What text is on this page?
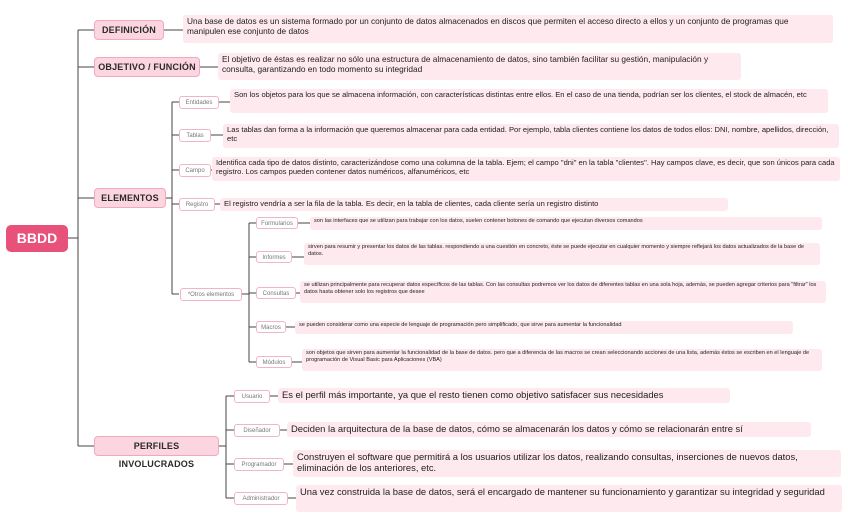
BBDD
DEFINICIÓN
Una base de datos es un sistema formado por un conjunto de datos almacenados en discos que permiten el acceso directo a ellos y un conjunto de programas que manipulen ese conjunto de datos
OBJETIVO / FUNCIÓN
El objetivo de éstas es realizar no sólo una estructura de almacenamiento de datos, sino también facilitar su gestión, manipulación y consulta, garantizando en todo momento su integridad
ELEMENTOS
Entidades
Son los objetos para los que se almacena información, con características distintas entre ellos. En el caso de una tienda, podrían ser los clientes, el stock de almacén, etc
Tablas
Las tablas dan forma a la información que queremos almacenar para cada entidad. Por ejemplo, tabla clientes contiene los datos de todos ellos: DNI, nombre, apellidos, dirección, etc
Campo
Identifica cada tipo de datos distinto, caracterizándose como una columna de la tabla. Ejem; el campo "dni" en la tabla "clientes". Hay campos clave, es decir, que son únicos para cada registro. Los campos pueden contener datos numéricos, alfanuméricos, etc
Registro	El registro vendría a ser la fila de la tabla. Es decir, en la tabla de clientes, cada cliente sería un registro distinto
*Otros elementos
Formularios	son las interfaces que se utilizan para trabajar con los datos, suelen contener botones de comando que ejecutan diversos comandos
Informes
sirven para resumir y presentar los datos de las tablas. respondiendo a una cuestión en concreto, éste se puede ejecutar en cualquier momento y siempre reflejará los datos actualizados de la base de datos.
Consultas
se utilizan principalmente para recuperar datos específicos de las tablas. Con las consultas podremos ver los datos de diferentes tablas en una sola hoja, además, se pueden agregar criterios para "filtrar" los datos hasta obtener solo los registros que desee
Macros	se pueden considerar como una especie de lenguaje de programación pero simplificado, que sirve para aumentar la funcionalidad
Módulos
son objetos que sirven para aumentar la funcionalidad de la base de datos. pero que a diferencia de las macros se crean seleccionando acciones de una lista, además éstos se escriben en el lenguaje de programación de Visual Basic para Aplicaciones (VBA)
PERFILES INVOLUCRADOS
Usuario	Es el perfil más importante, ya que el resto tienen como objetivo satisfacer sus necesidades
Diseñador	Deciden la arquitectura de la base de datos, cómo se almacenarán los datos y cómo se relacionarán entre sí
Programador
Construyen el software que permitirá a los usuarios utilizar los datos, realizando consultas, inserciones de nuevos datos, eliminación de los anteriores, etc.
Administrador
Una vez construida la base de datos, será el encargado de mantener su funcionamiento y garantizar su integridad y seguridad
